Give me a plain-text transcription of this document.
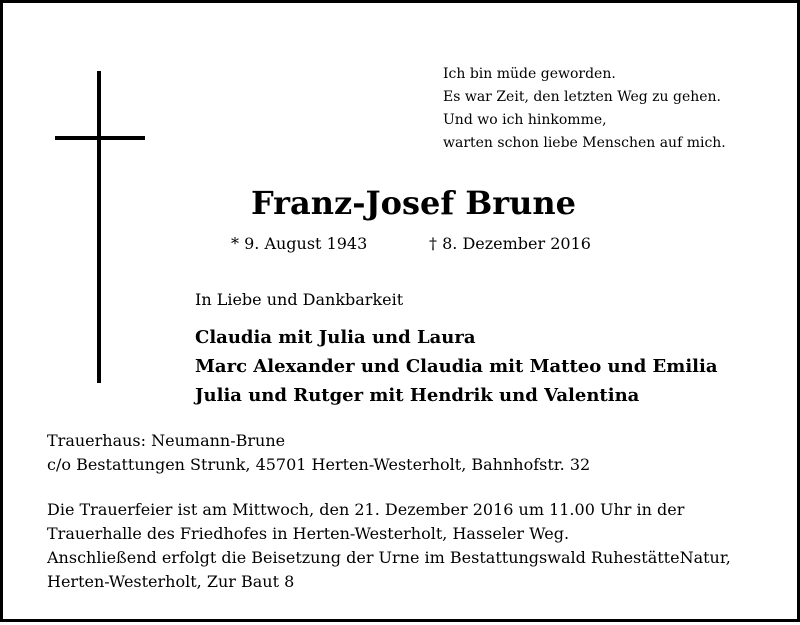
Ich bin müde geworden.
Es war Zeit, den letzten Weg zu gehen.
Und wo ich hinkomme,
warten schon liebe Menschen auf mich.

Franz-Josef Brune

* 9. August 1943	† 8. Dezember 2016

In Liebe und Dankbarkeit

Claudia mit Julia und Laura
Marc Alexander und Claudia mit Matteo und Emilia
Julia und Rutger mit Hendrik und Valentina

Trauerhaus: Neumann-Brune
c/o Bestattungen Strunk, 45701 Herten-Westerholt, Bahnhofstr. 32

Die Trauerfeier ist am Mittwoch, den 21. Dezember 2016 um 11.00 Uhr in der
Trauerhalle des Friedhofes in Herten-Westerholt, Hasseler Weg.
Anschließend erfolgt die Beisetzung der Urne im Bestattungswald RuhestätteNatur,
Herten-Westerholt, Zur Baut 8
